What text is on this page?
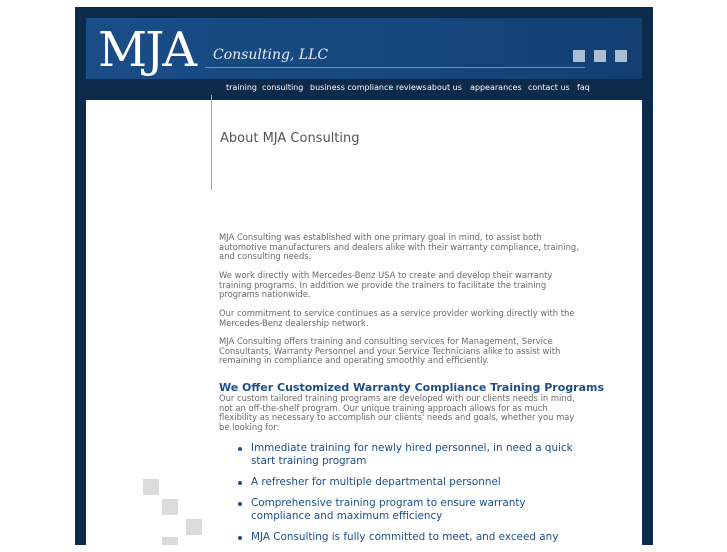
MJA Consulting, LLC
training consulting business compliance reviews about us appearances contact us faq
About MJA Consulting

MJA Consulting was established with one primary goal in mind, to assist both automotive manufacturers and dealers alike with their warranty compliance, training, and consulting needs.

We work directly with Mercedes-Benz USA to create and develop their warranty training programs. In addition we provide the trainers to facilitate the training programs nationwide.

Our commitment to service continues as a service provider working directly with the Mercedes-Benz dealership network.

MJA Consulting offers training and consulting services for Management, Service Consultants, Warranty Personnel and your Service Technicians alike to assist with remaining in compliance and operating smoothly and efficiently.

We Offer Customized Warranty Compliance Training Programs

Our custom tailored training programs are developed with our clients needs in mind, not an off-the-shelf program. Our unique training approach allows for as much flexibility as necessary to accomplish our clients' needs and goals, whether you may be looking for:

Immediate training for newly hired personnel, in need a quick start training program
A refresher for multiple departmental personnel
Comprehensive training program to ensure warranty compliance and maximum efficiency
MJA Consulting is fully committed to meet, and exceed any
